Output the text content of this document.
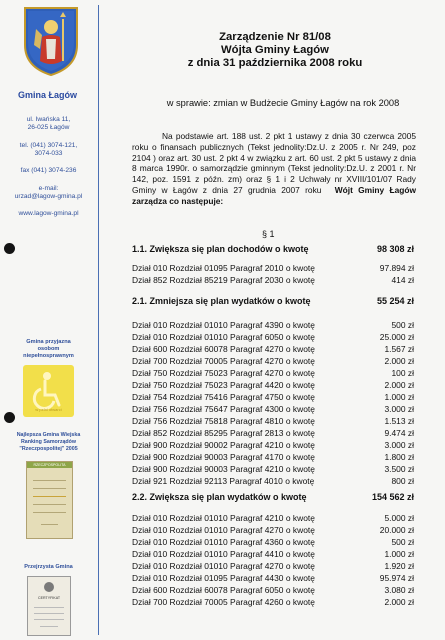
Gmina Łagów
ul. Iwańska 11,
26-025 Łagów
tel. (041) 3074-121,
3074-033
fax (041) 3074-236
e-mail:
urzad@lagow-gmina.pl
www.lagow-gmina.pl
Gmina przyjazna
osobom
niepełnosprawnym
w pełni otwarci
Najlepsza Gmina Wiejska
Ranking Samorządów
"Rzeczpospolitej" 2005
RZECZPOSPOLITA
Przejrzysta Gmina
CERTYFIKAT
Zarządzenie Nr 81/08
Wójta Gminy Łagów
z dnia 31 października 2008 roku
w sprawie: zmian w Budżecie Gminy Łagów na rok 2008
Na podstawie art. 188 ust. 2 pkt 1 ustawy z dnia 30 czerwca 2005 roku o finansach publicznych (Tekst jednolity:Dz.U. z 2005 r. Nr 249, poz 2104 ) oraz art. 30 ust. 2 pkt 4 w związku z art. 60 ust. 2 pkt 5 ustawy z dnia 8 marca 1990r. o samorządzie gminnym (Tekst jednolity:Dz.U. z 2001 r. Nr 142, poz. 1591 z późn. zm) oraz § 1 i 2 Uchwały nr XVIII/101/07 Rady Gminy w Łagów z dnia 27 grudnia 2007 roku Wójt Gminy Łagów zarządza co następuje:
§ 1
1.1. Zwiększa się plan dochodów o kwotę	98 308 zł
Dział 010 Rozdział 01095 Paragraf 2010 o kwotę	97.894 zł
Dział 852 Rozdział 85219 Paragraf 2030 o kwotę	414 zł
2.1. Zmniejsza się plan wydatków o kwotę	55 254 zł
Dział 010 Rozdział 01010 Paragraf 4390 o kwotę	500 zł
Dział 010 Rozdział 01010 Paragraf 6050 o kwotę	25.000 zł
Dział 600 Rozdział 60078 Paragraf 4270 o kwotę	1.567 zł
Dział 700 Rozdział 70005 Paragraf 4270 o kwotę	2.000 zł
Dział 750 Rozdział 75023 Paragraf 4270 o kwotę	100 zł
Dział 750 Rozdział 75023 Paragraf 4420 o kwotę	2.000 zł
Dział 754 Rozdział 75416 Paragraf 4750 o kwotę	1.000 zł
Dział 756 Rozdział 75647 Paragraf 4300 o kwotę	3.000 zł
Dział 756 Rozdział 75818 Paragraf 4810 o kwotę	1.513 zł
Dział 852 Rozdział 85295 Paragraf 2813 o kwotę	9.474 zł
Dział 900 Rozdział 90002 Paragraf 4210 o kwotę	3.000 zł
Dział 900 Rozdział 90003 Paragraf 4170 o kwotę	1.800 zł
Dział 900 Rozdział 90003 Paragraf 4210 o kwotę	3.500 zł
Dział 921 Rozdział 92113 Paragraf 4010 o kwotę	800 zł
2.2. Zwiększa się plan wydatków o kwotę	154 562 zł
Dział 010 Rozdział 01010 Paragraf 4210 o kwotę	5.000 zł
Dział 010 Rozdział 01010 Paragraf 4270 o kwotę	20.000 zł
Dział 010 Rozdział 01010 Paragraf 4360 o kwotę	500 zł
Dział 010 Rozdział 01010 Paragraf 4410 o kwotę	1.000 zł
Dział 010 Rozdział 01010 Paragraf 4270 o kwotę	1.920 zł
Dział 010 Rozdział 01095 Paragraf 4430 o kwotę	95.974 zł
Dział 600 Rozdział 60078 Paragraf 6050 o kwotę	3.080 zł
Dział 700 Rozdział 70005 Paragraf 4260 o kwotę	2.000 zł
